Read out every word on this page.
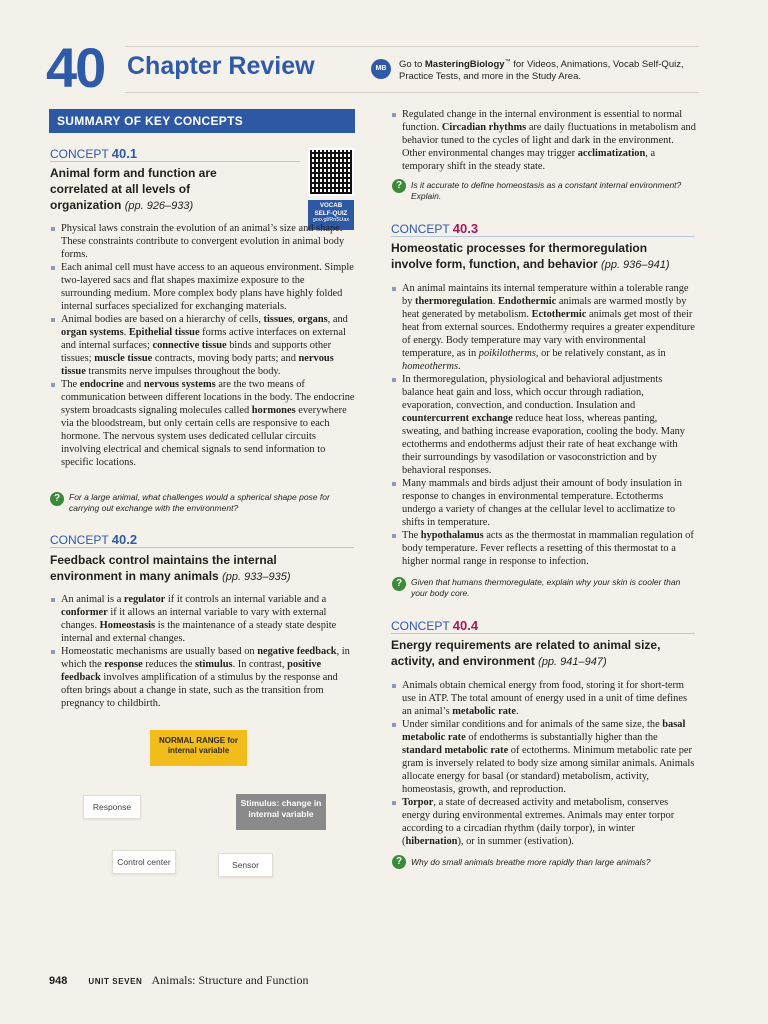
40 Chapter Review	MB	Go to MasteringBiology™ for Videos, Animations, Vocab Self-Quiz, Practice Tests, and more in the Study Area.
SUMMARY OF KEY CONCEPTS
CONCEPT 40.1
Animal form and function are correlated at all levels of organization (pp. 926–933)	VOCAB
SELF-QUIZ
goo.gl/Rn5Uax
Physical laws constrain the evolution of an animal’s size and shape. These constraints contribute to convergent evolution in animal body forms.
Each animal cell must have access to an aqueous environment. Simple two-layered sacs and flat shapes maximize exposure to the surrounding medium. More complex body plans have highly folded internal surfaces specialized for exchanging materials.
Animal bodies are based on a hierarchy of cells, tissues, organs, and organ systems. Epithelial tissue forms active interfaces on external and internal surfaces; connective tissue binds and supports other tissues; muscle tissue contracts, moving body parts; and nervous tissue transmits nerve impulses throughout the body.
The endocrine and nervous systems are the two means of communication between different locations in the body. The endocrine system broadcasts signaling molecules called hormones everywhere via the bloodstream, but only certain cells are responsive to each hormone. The nervous system uses dedicated cellular circuits involving electrical and chemical signals to send information to specific locations.
?	For a large animal, what challenges would a spherical shape pose for carrying out exchange with the environment?
CONCEPT 40.2
Feedback control maintains the internal environment in many animals (pp. 933–935)
An animal is a regulator if it controls an internal variable and a conformer if it allows an internal variable to vary with external changes. Homeostasis is the maintenance of a steady state despite internal and external changes.
Homeostatic mechanisms are usually based on negative feedback, in which the response reduces the stimulus. In contrast, positive feedback involves amplification of a stimulus by the response and often brings about a change in state, such as the transition from pregnancy to childbirth.
NORMAL RANGE for internal variable
Stimulus: change in internal variable
Response
Control center	Sensor
Regulated change in the internal environment is essential to normal function. Circadian rhythms are daily fluctuations in metabolism and behavior tuned to the cycles of light and dark in the environment. Other environmental changes may trigger acclimatization, a temporary shift in the steady state.
?	Is it accurate to define homeostasis as a constant internal environment? Explain.
CONCEPT 40.3
Homeostatic processes for thermoregulation involve form, function, and behavior (pp. 936–941)
An animal maintains its internal temperature within a tolerable range by thermoregulation. Endothermic animals are warmed mostly by heat generated by metabolism. Ectothermic animals get most of their heat from external sources. Endothermy requires a greater expenditure of energy. Body temperature may vary with environmental temperature, as in poikilotherms, or be relatively constant, as in homeotherms.
In thermoregulation, physiological and behavioral adjustments balance heat gain and loss, which occur through radiation, evaporation, convection, and conduction. Insulation and countercurrent exchange reduce heat loss, whereas panting, sweating, and bathing increase evaporation, cooling the body. Many ectotherms and endotherms adjust their rate of heat exchange with their surroundings by vasodilation or vasoconstriction and by behavioral responses.
Many mammals and birds adjust their amount of body insulation in response to changes in environmental temperature. Ectotherms undergo a variety of changes at the cellular level to acclimatize to shifts in temperature.
The hypothalamus acts as the thermostat in mammalian regulation of body temperature. Fever reflects a resetting of this thermostat to a higher normal range in response to infection.
?	Given that humans thermoregulate, explain why your skin is cooler than your body core.
CONCEPT 40.4
Energy requirements are related to animal size, activity, and environment (pp. 941–947)
Animals obtain chemical energy from food, storing it for short-term use in ATP. The total amount of energy used in a unit of time defines an animal’s metabolic rate.
Under similar conditions and for animals of the same size, the basal metabolic rate of endotherms is substantially higher than the standard metabolic rate of ectotherms. Minimum metabolic rate per gram is inversely related to body size among similar animals. Animals allocate energy for basal (or standard) metabolism, activity, homeostasis, growth, and reproduction.
Torpor, a state of decreased activity and metabolism, conserves energy during environmental extremes. Animals may enter torpor according to a circadian rhythm (daily torpor), in winter (hibernation), or in summer (estivation).
?	Why do small animals breathe more rapidly than large animals?
948	UNIT SEVEN Animals: Structure and Function
